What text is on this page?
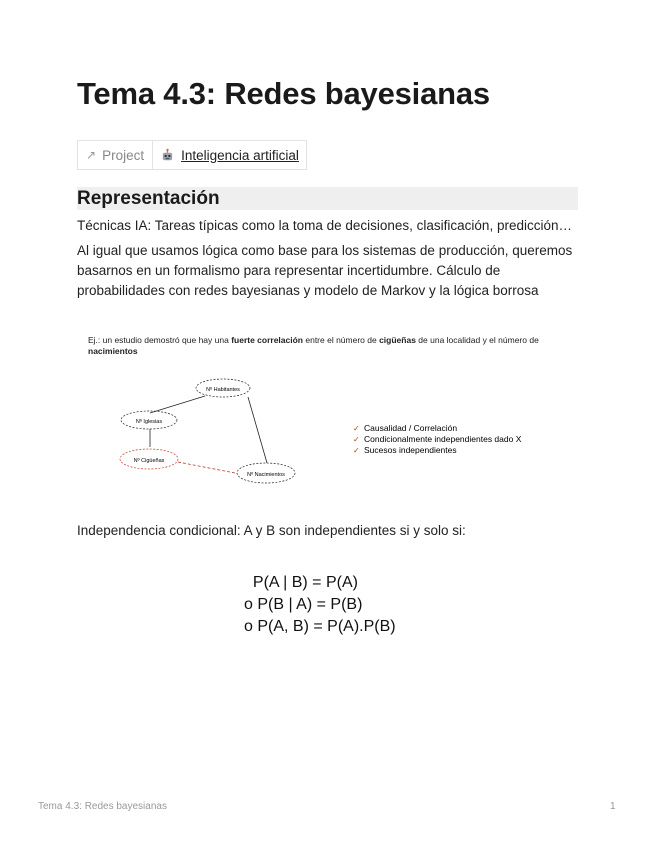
Tema 4.3: Redes bayesianas
↗ Project	Inteligencia artificial
Representación

Técnicas IA: Tareas típicas como la toma de decisiones, clasificación, predicción…

Al igual que usamos lógica como base para los sistemas de producción, queremos basarnos en un formalismo para representar incertidumbre. Cálculo de probabilidades con redes bayesianas y modelo de Markov y la lógica borrosa

Ej.: un estudio demostró que hay una fuerte correlación entre el número de cigüeñas de una localidad y el número de nacimientos
Nº Habitantes
Nº Iglesias
Nº Cigüeñas
Nº Nacimientos
✓ Causalidad / Correlación
✓ Condicionalmente independientes dado X
✓ Sucesos independientes

Independencia condicional: A y B son independientes si y solo si:

P(A | B) = P(A)
o P(B | A) = P(B)
o P(A, B) = P(A).P(B)
Tema 4.3: Redes bayesianas	1
